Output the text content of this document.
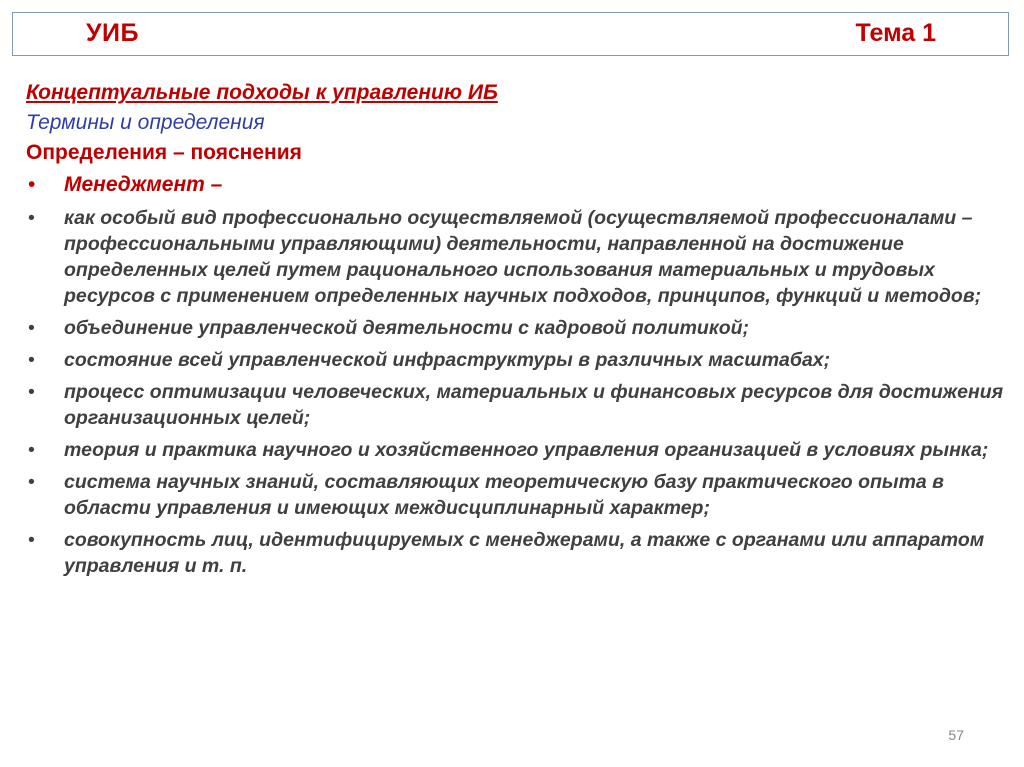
УИБ	Тема 1

Концептуальные подходы к управлению ИБ

Термины и определения

Определения – пояснения

• Менеджмент –
• как особый вид профессионально осуществляемой (осуществляемой профессионалами – профессиональными управляющими) деятельности, направленной на достижение определенных целей путем рационального использования материальных и трудовых ресурсов с применением определенных научных подходов, принципов, функций и методов;
• объединение управленческой деятельности с кадровой политикой;
• состояние всей управленческой инфраструктуры в различных масштабах;
• процесс оптимизации человеческих, материальных и финансовых ресурсов для достижения организационных целей;
• теория и практика научного и хозяйственного управления организацией в условиях рынка;
• система научных знаний, составляющих теоретическую базу практического опыта в области управления и имеющих междисциплинарный характер;
• совокупность лиц, идентифицируемых с менеджерами, а также с органами или аппаратом управления и т. п.
57
